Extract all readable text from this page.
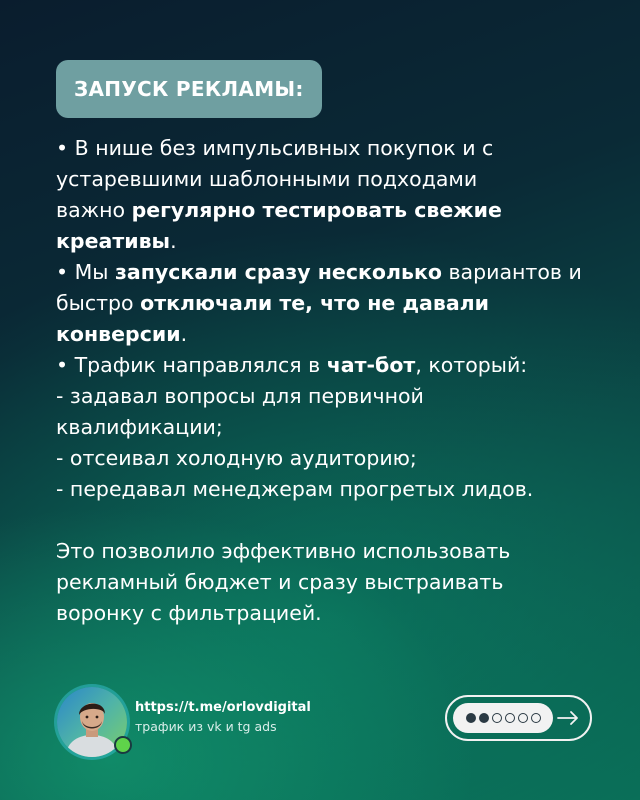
ЗАПУСК РЕКЛАМЫ:
• В нише без импульсивных покупок и с
устаревшими шаблонными подходами
важно регулярно тестировать свежие
креативы.
• Мы запускали сразу несколько вариантов и
быстро отключали те, что не давали
конверсии.
• Трафик направлялся в чат-бот, который:
- задавал вопросы для первичной
квалификации;
- отсеивал холодную аудиторию;
- передавал менеджерам прогретых лидов.
Это позволило эффективно использовать
рекламный бюджет и сразу выстраивать
воронку с фильтрацией.
https://t.me/orlovdigital
трафик из vk и tg ads
